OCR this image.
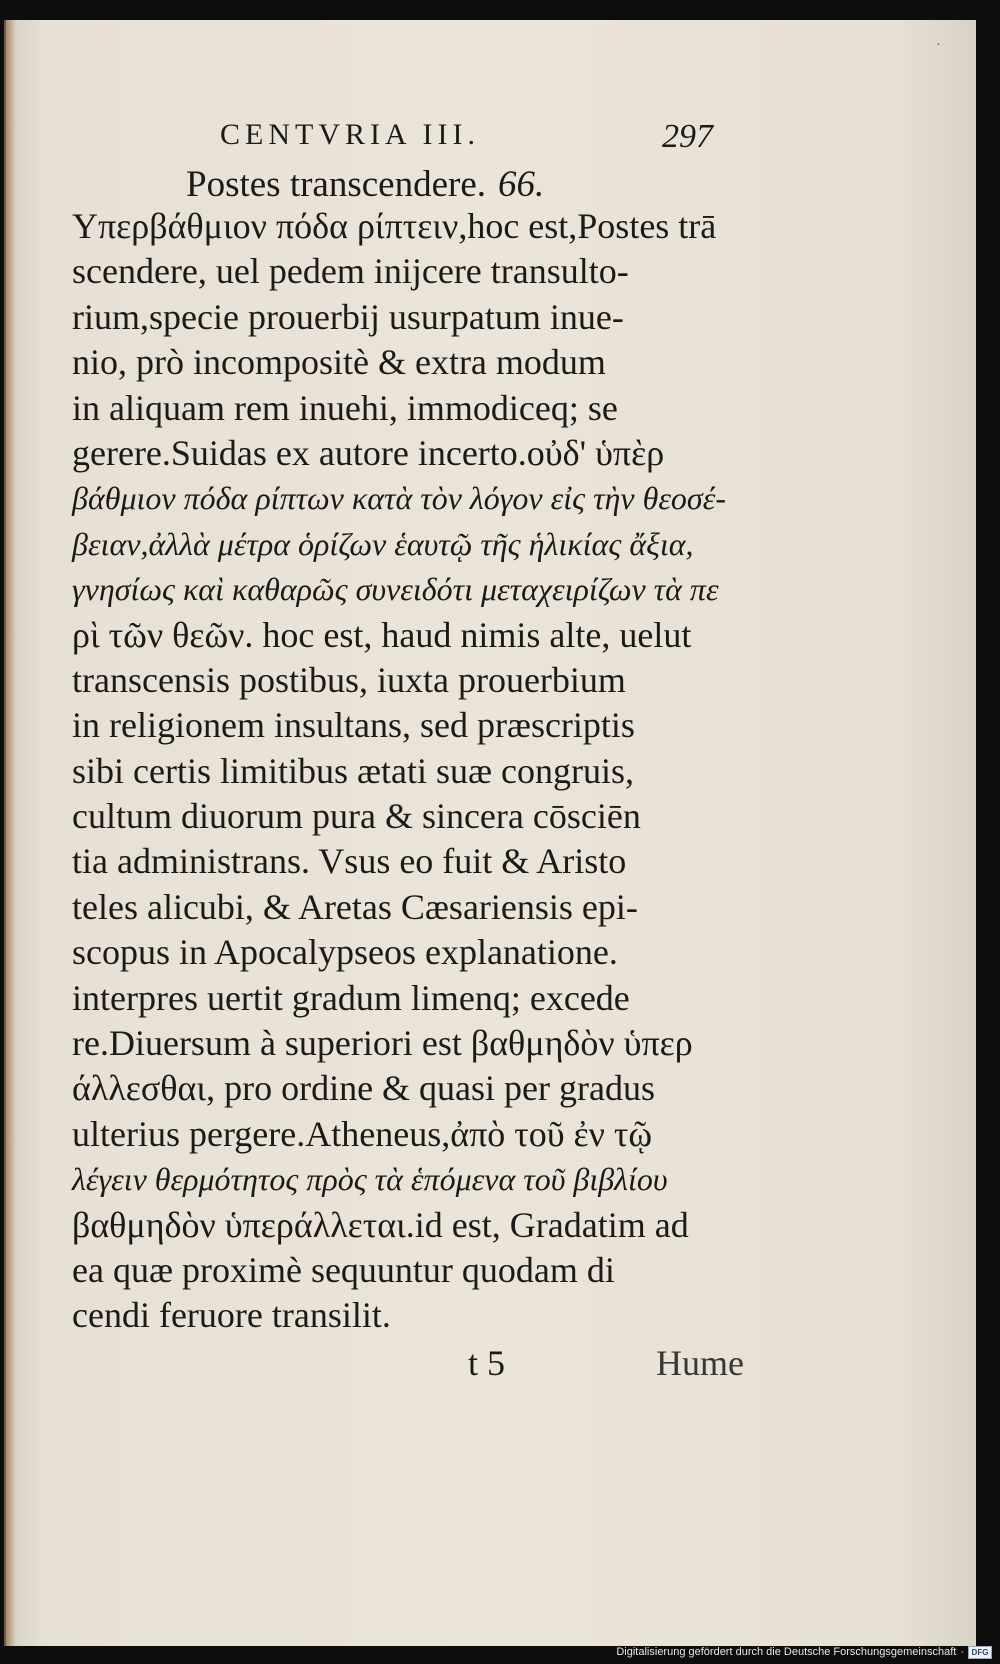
·
CENTVRIA III.	297
Postes transcendere. 66.
Υπερβάθμιον πόδα ρίπτειν,hoc est,Postes trā
scendere, uel pedem inijcere transulto-
rium,specie prouerbij usurpatum inue-
nio, prò incompositè & extra modum
in aliquam rem inuehi, immodiceq; se
gerere.Suidas ex autore incerto.οὐδ' ὑπὲρ
βάθμιον πόδα ρίπτων κατὰ τὸν λόγον εἰς τὴν θεοσέ-
βειαν,ἀλλὰ μέτρα ὁρίζων ἑαυτῷ τῆς ἡλικίας ἄξια,
γνησίως καὶ καθαρῶς συνειδότι μεταχειρίζων τὰ πε
ρὶ τῶν θεῶν. hoc est, haud nimis alte, uelut
transcensis postibus, iuxta prouerbium
in religionem insultans, sed præscriptis
sibi certis limitibus ætati suæ congruis,
cultum diuorum pura & sincera cōsciēn
tia administrans. Vsus eo fuit & Aristo
teles alicubi, & Aretas Cæsariensis epi-
scopus in Apocalypseos explanatione.
interpres uertit gradum limenq; excede
re.Diuersum à superiori est βαθμηδὸν ὑπερ
άλλεσθαι, pro ordine & quasi per gradus
ulterius pergere.Atheneus,ἀπὸ τοῦ ἐν τῷ
λέγειν θερμότητος πρὸς τὰ ἑπόμενα τοῦ βιβλίου
βαθμηδὸν ὑπεράλλεται.id est, Gradatim ad
ea quæ proximè sequuntur quodam di
cendi feruore transilit.
t 5	Hume
Digitalisierung gefördert durch die Deutsche Forschungsgemeinschaft · DFG
